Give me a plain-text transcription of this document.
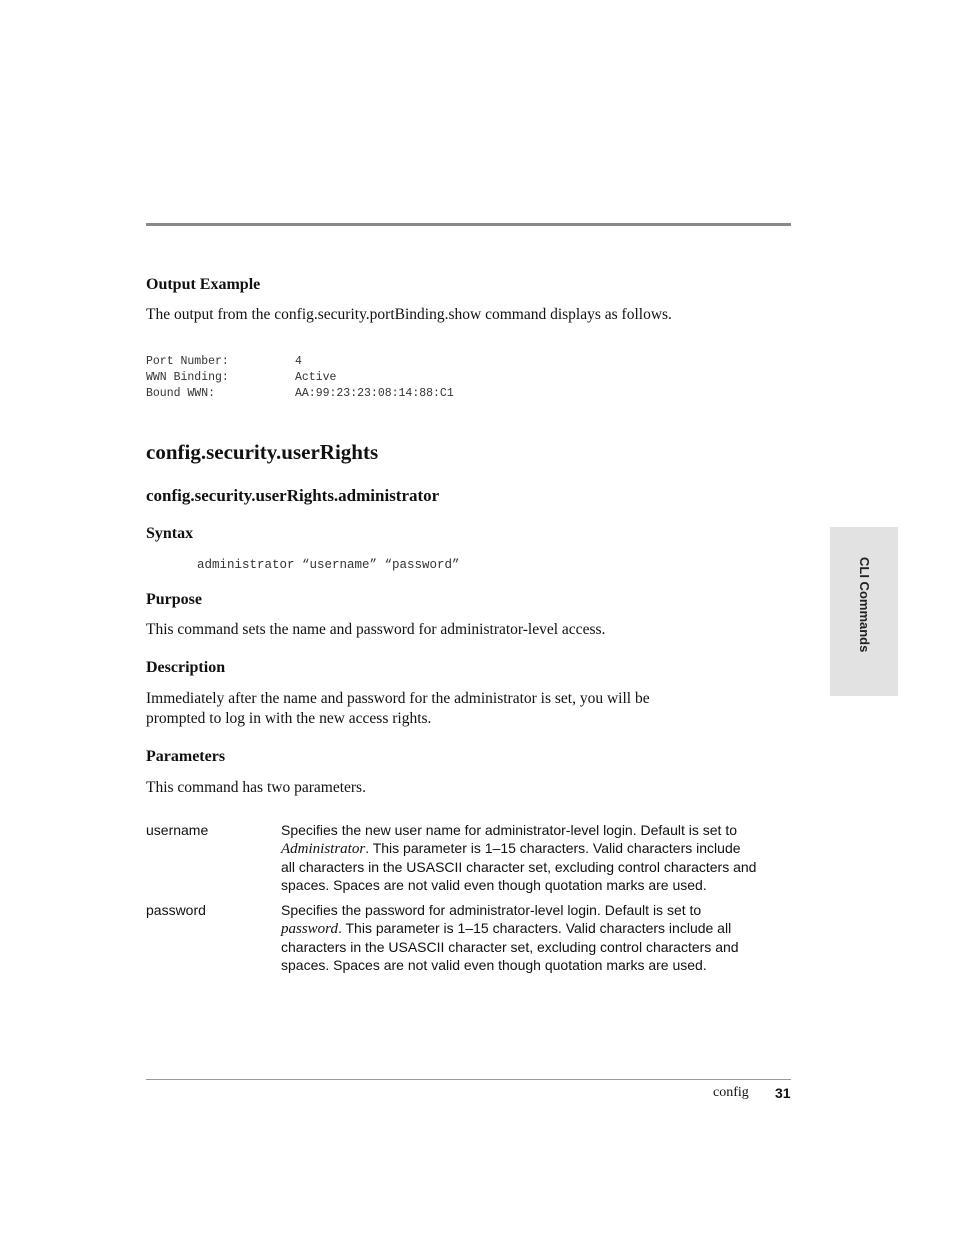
Output Example
The output from the config.security.portBinding.show command displays as follows.
Port Number:	4
WWN Binding:	Active
Bound WWN:	AA:99:23:23:08:14:88:C1
config.security.userRights
config.security.userRights.administrator
Syntax
administrator “username” “password”
Purpose
This command sets the name and password for administrator-level access.
Description
Immediately after the name and password for the administrator is set, you will be
prompted to log in with the new access rights.
Parameters
This command has two parameters.
username	Specifies the new user name for administrator-level login. Default is set to
Administrator. This parameter is 1–15 characters. Valid characters include
all characters in the USASCII character set, excluding control characters and
spaces. Spaces are not valid even though quotation marks are used.
password	Specifies the password for administrator-level login. Default is set to
password. This parameter is 1–15 characters. Valid characters include all
characters in the USASCII character set, excluding control characters and
spaces. Spaces are not valid even though quotation marks are used.
CLI Commands
config 31
